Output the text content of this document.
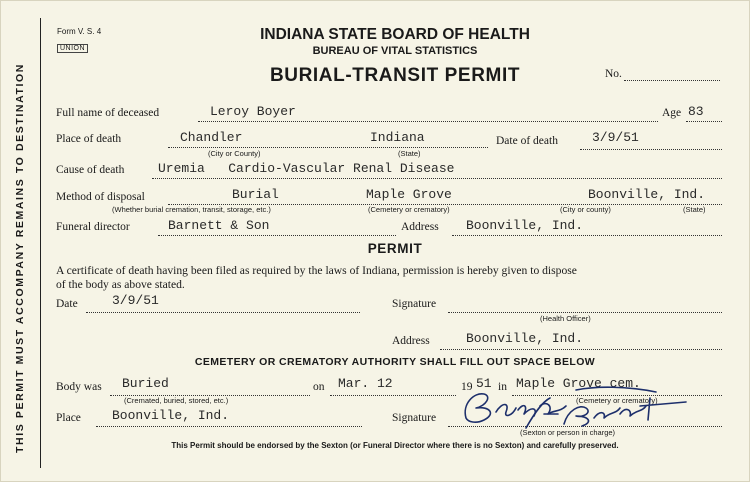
THIS PERMIT MUST ACCOMPANY REMAINS TO DESTINATION
Form V. S. 4
UNION
INDIANA STATE BOARD OF HEALTH
BUREAU OF VITAL STATISTICS
BURIAL-TRANSIT PERMIT	No.
Full name of deceased	Leroy Boyer	Age 83
Place of death	Chandler
(City or County)
Indiana
(State)
Date of death	3/9/51
Cause of death	Uremia   Cardio-Vascular Renal Disease
Method of disposal	Burial
(Whether burial cremation, transit, storage, etc.)
Maple Grove
(Cemetery or crematory)
Boonville, Ind.
(City or county)	(State)
Funeral director	Barnett & Son	Address Boonville, Ind.
PERMIT
A certificate of death having been filed as required by the laws of Indiana, permission is hereby given to dispose
of the body as above stated.
Date	3/9/51	Signature
(Health Officer)
Address	Boonville, Ind.
CEMETERY OR CREMATORY AUTHORITY SHALL FILL OUT SPACE BELOW
Body was Buried
(Cremated, buried, stored, etc.)
on Mar. 12	19 51 in Maple Grove cem.
(Cemetery or crematory)
Place Boonville, Ind.	Signature
(Sexton or person in charge)
This Permit should be endorsed by the Sexton (or Funeral Director where there is no Sexton) and carefully preserved.
